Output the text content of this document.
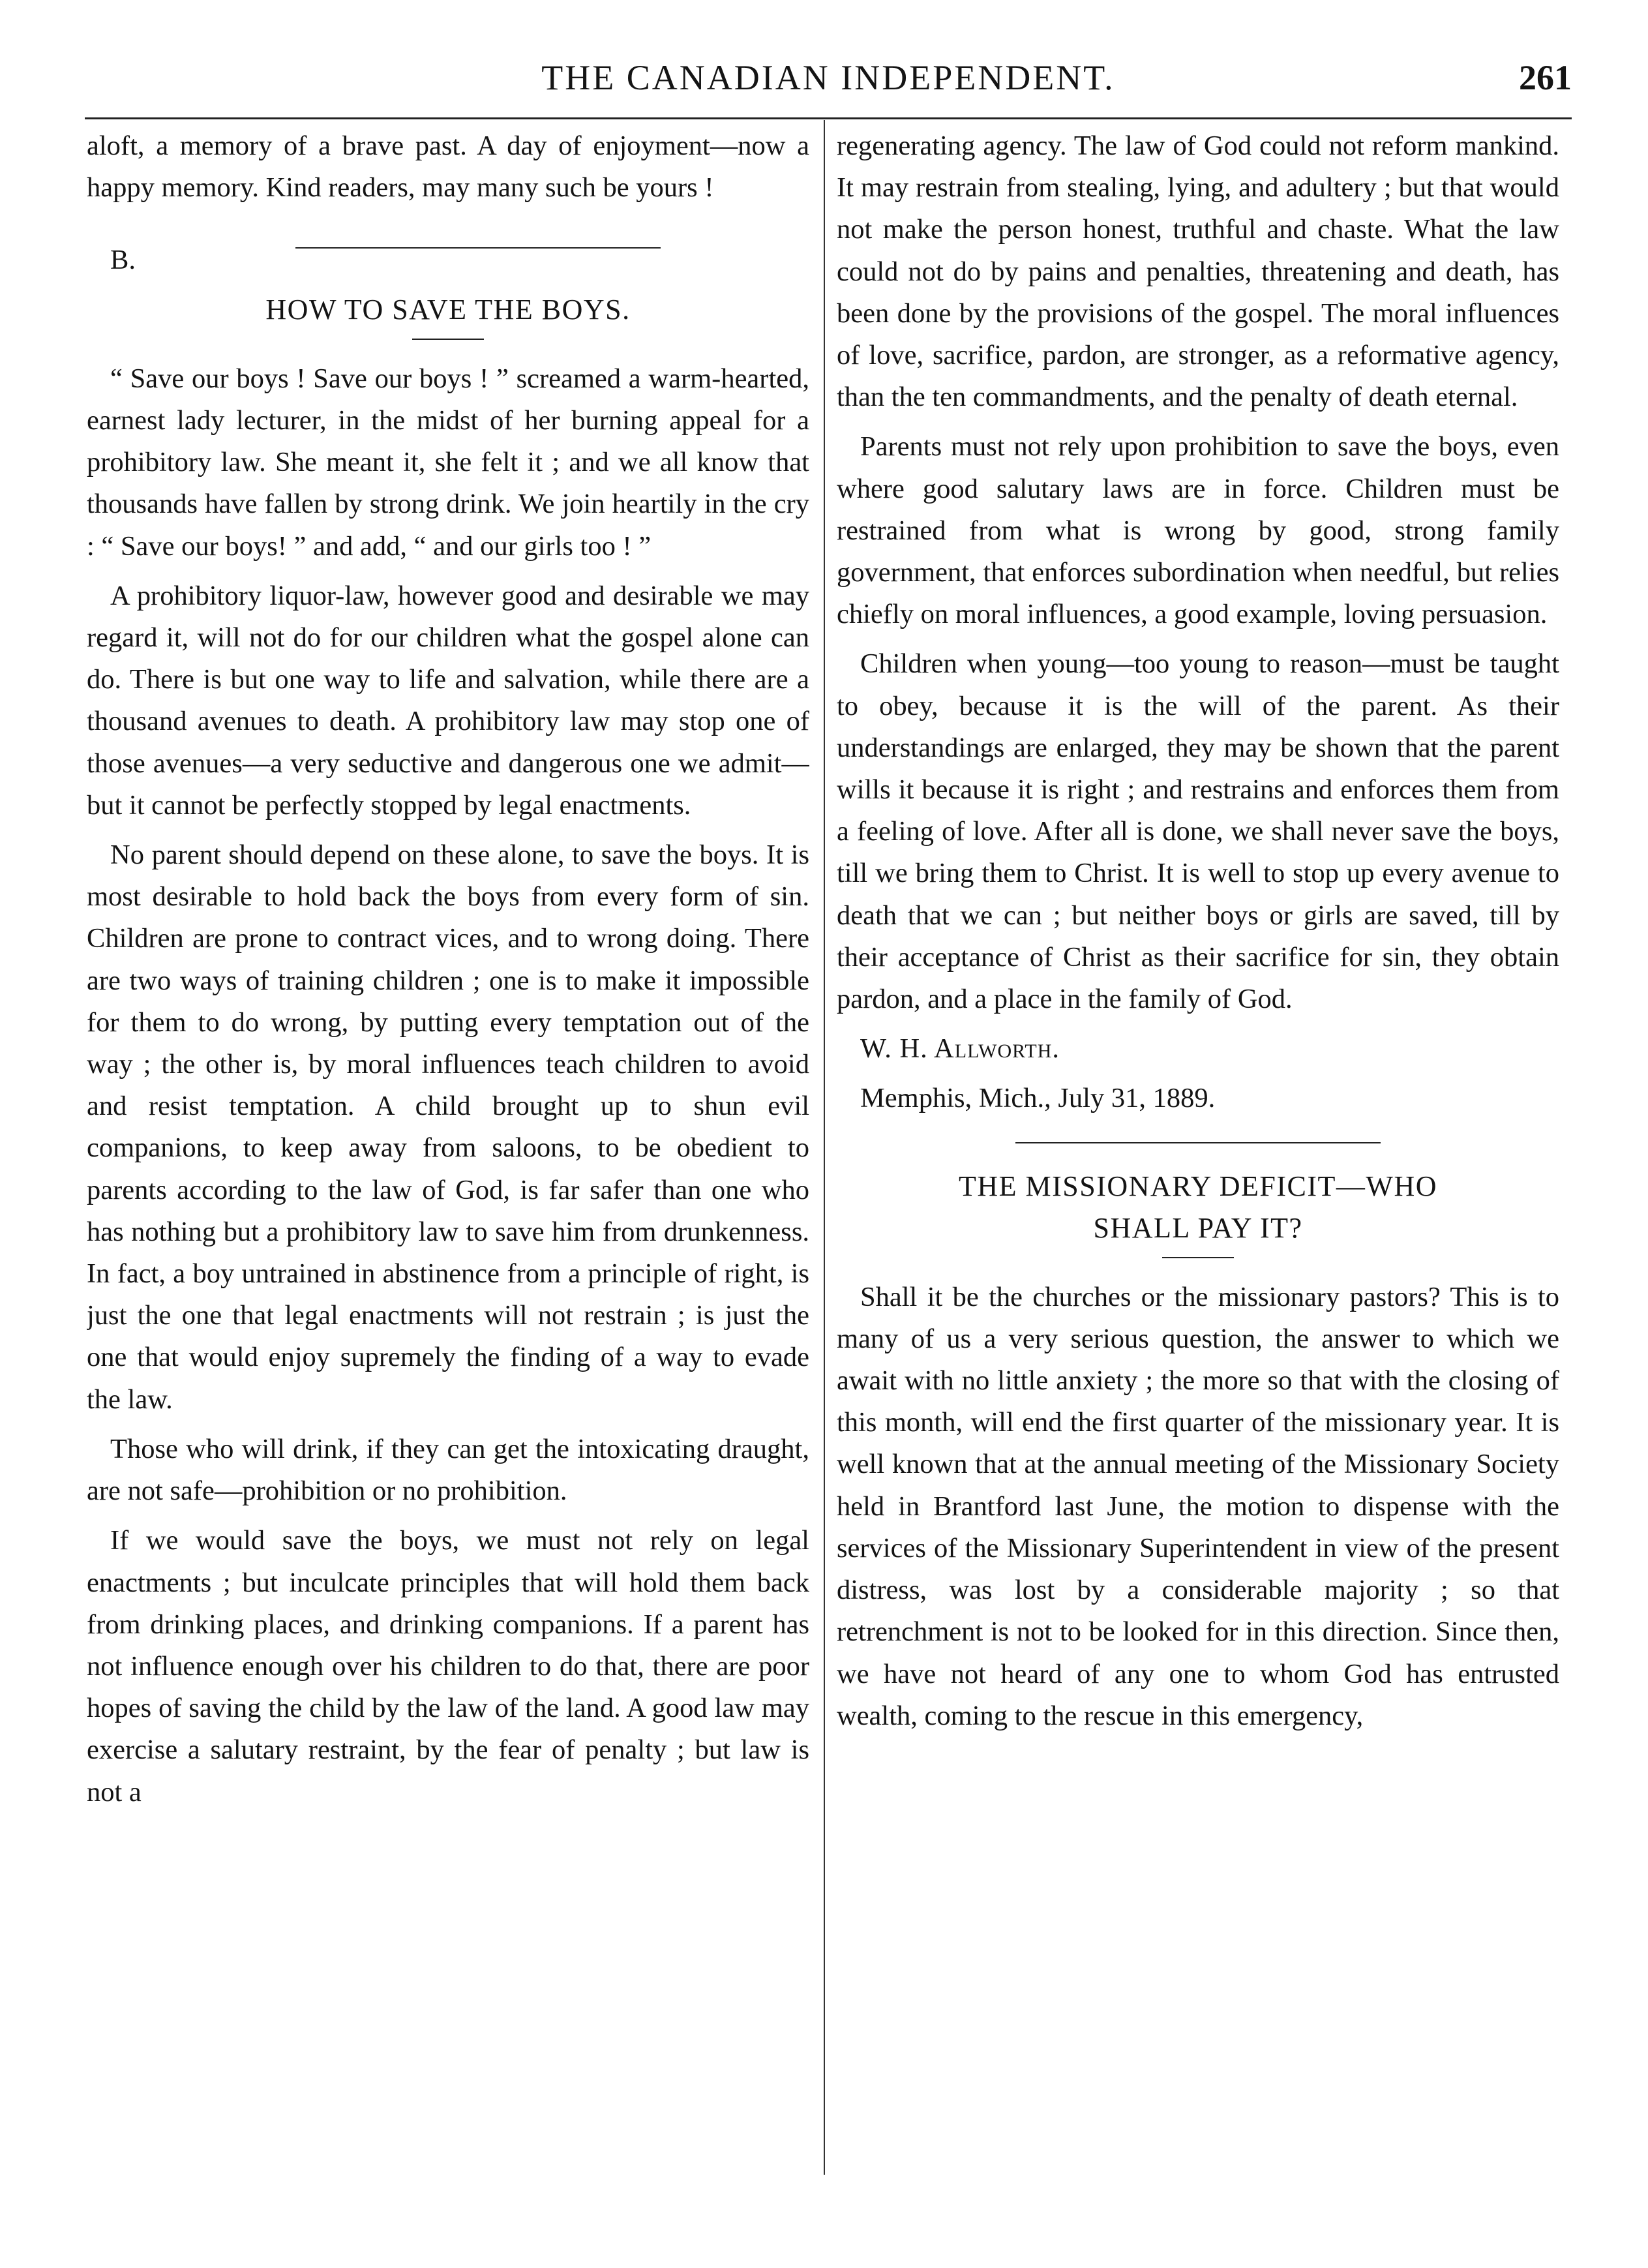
THE CANADIAN INDEPENDENT.	261

aloft, a memory of a brave past. A day of enjoyment—now a happy memory. Kind readers, may many such be yours !

B.

HOW TO SAVE THE BOYS.

“ Save our boys ! Save our boys ! ” screamed a warm-hearted, earnest lady lecturer, in the midst of her burning appeal for a prohibitory law. She meant it, she felt it ; and we all know that thousands have fallen by strong drink. We join heartily in the cry : “ Save our boys! ” and add, “ and our girls too ! ”

A prohibitory liquor-law, however good and desirable we may regard it, will not do for our children what the gospel alone can do. There is but one way to life and salvation, while there are a thousand avenues to death. A prohibitory law may stop one of those avenues—a very seductive and dangerous one we admit—but it cannot be perfectly stopped by legal enactments.

No parent should depend on these alone, to save the boys. It is most desirable to hold back the boys from every form of sin. Children are prone to contract vices, and to wrong doing. There are two ways of training children ; one is to make it impossible for them to do wrong, by putting every temptation out of the way ; the other is, by moral influences teach children to avoid and resist temptation. A child brought up to shun evil companions, to keep away from saloons, to be obedient to parents according to the law of God, is far safer than one who has nothing but a prohibitory law to save him from drunkenness. In fact, a boy untrained in abstinence from a principle of right, is just the one that legal enactments will not restrain ; is just the one that would enjoy supremely the finding of a way to evade the law.

Those who will drink, if they can get the intoxicating draught, are not safe—prohibition or no prohibition.

If we would save the boys, we must not rely on legal enactments ; but inculcate principles that will hold them back from drinking places, and drinking companions. If a parent has not influence enough over his children to do that, there are poor hopes of saving the child by the law of the land. A good law may exercise a salutary restraint, by the fear of penalty ; but law is not a

regenerating agency. The law of God could not reform mankind. It may restrain from stealing, lying, and adultery ; but that would not make the person honest, truthful and chaste. What the law could not do by pains and penalties, threatening and death, has been done by the provisions of the gospel. The moral influences of love, sacrifice, pardon, are stronger, as a reformative agency, than the ten commandments, and the penalty of death eternal.

Parents must not rely upon prohibition to save the boys, even where good salutary laws are in force. Children must be restrained from what is wrong by good, strong family government, that enforces subordination when needful, but relies chiefly on moral influences, a good example, loving persuasion.

Children when young—too young to reason—must be taught to obey, because it is the will of the parent. As their understandings are enlarged, they may be shown that the parent wills it because it is right ; and restrains and enforces them from a feeling of love. After all is done, we shall never save the boys, till we bring them to Christ. It is well to stop up every avenue to death that we can ; but neither boys or girls are saved, till by their acceptance of Christ as their sacrifice for sin, they obtain pardon, and a place in the family of God.

W. H. Allworth.

Memphis, Mich., July 31, 1889.

THE MISSIONARY DEFICIT—WHO
SHALL PAY IT?

Shall it be the churches or the missionary pastors? This is to many of us a very serious question, the answer to which we await with no little anxiety ; the more so that with the closing of this month, will end the first quarter of the missionary year. It is well known that at the annual meeting of the Missionary Society held in Brantford last June, the motion to dispense with the services of the Missionary Superintendent in view of the present distress, was lost by a considerable majority ; so that retrenchment is not to be looked for in this direction. Since then, we have not heard of any one to whom God has entrusted wealth, coming to the rescue in this emergency,
